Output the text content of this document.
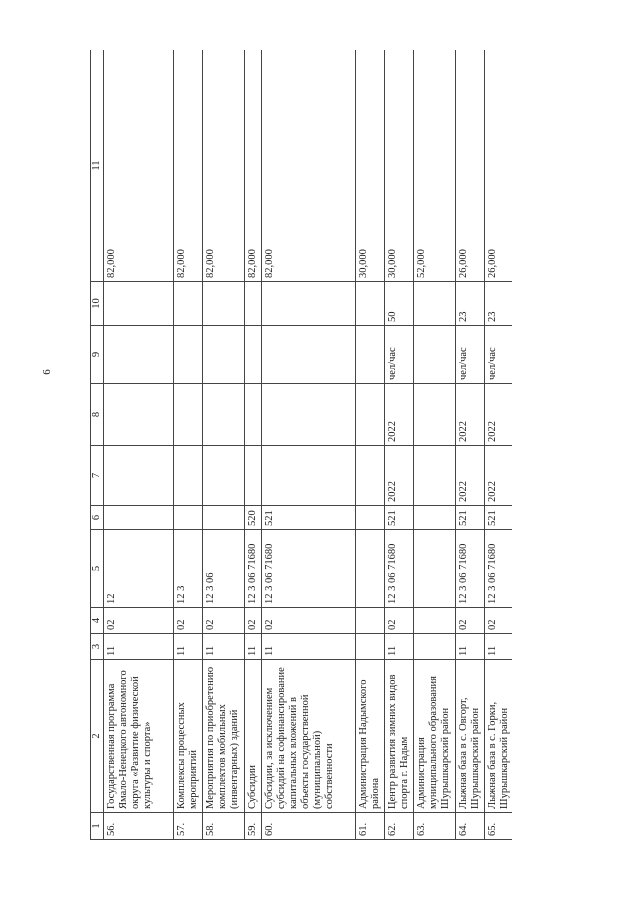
6
1	2	3	4	5	6	7	8	9	10	11
56.	Государственная программа Ямало-Ненецкого автономного округа «Развитие физической культуры и спорта»	11	02	12						82,000
57.	Комплексы процессных мероприятий	11	02	12 3						82,000
58.	Мероприятия по приобретению комплектов мобильных (инвентарных) зданий	11	02	12 3 06						82,000
59.	Субсидии	11	02	12 3 06 71680	520					82,000
60.	Субсидии, за исключением субсидий на софинансирование капитальных вложений в объекты государственной (муниципальной) собственности	11	02	12 3 06 71680	521					82,000
61.	Администрация Надымского района									30,000
62.	Центр развития зимних видов спорта г. Надым	11	02	12 3 06 71680	521	2022	2022	чел/час	50	30,000
63.	Администрация муниципального образования Шурышкарский район									52,000
64.	Лыжная база в с. Овгорт, Шурышкарский район	11	02	12 3 06 71680	521	2022	2022	чел/час	23	26,000
65.	Лыжная база в с. Горки, Шурышкарский район	11	02	12 3 06 71680	521	2022	2022	чел/час	23	26,000
